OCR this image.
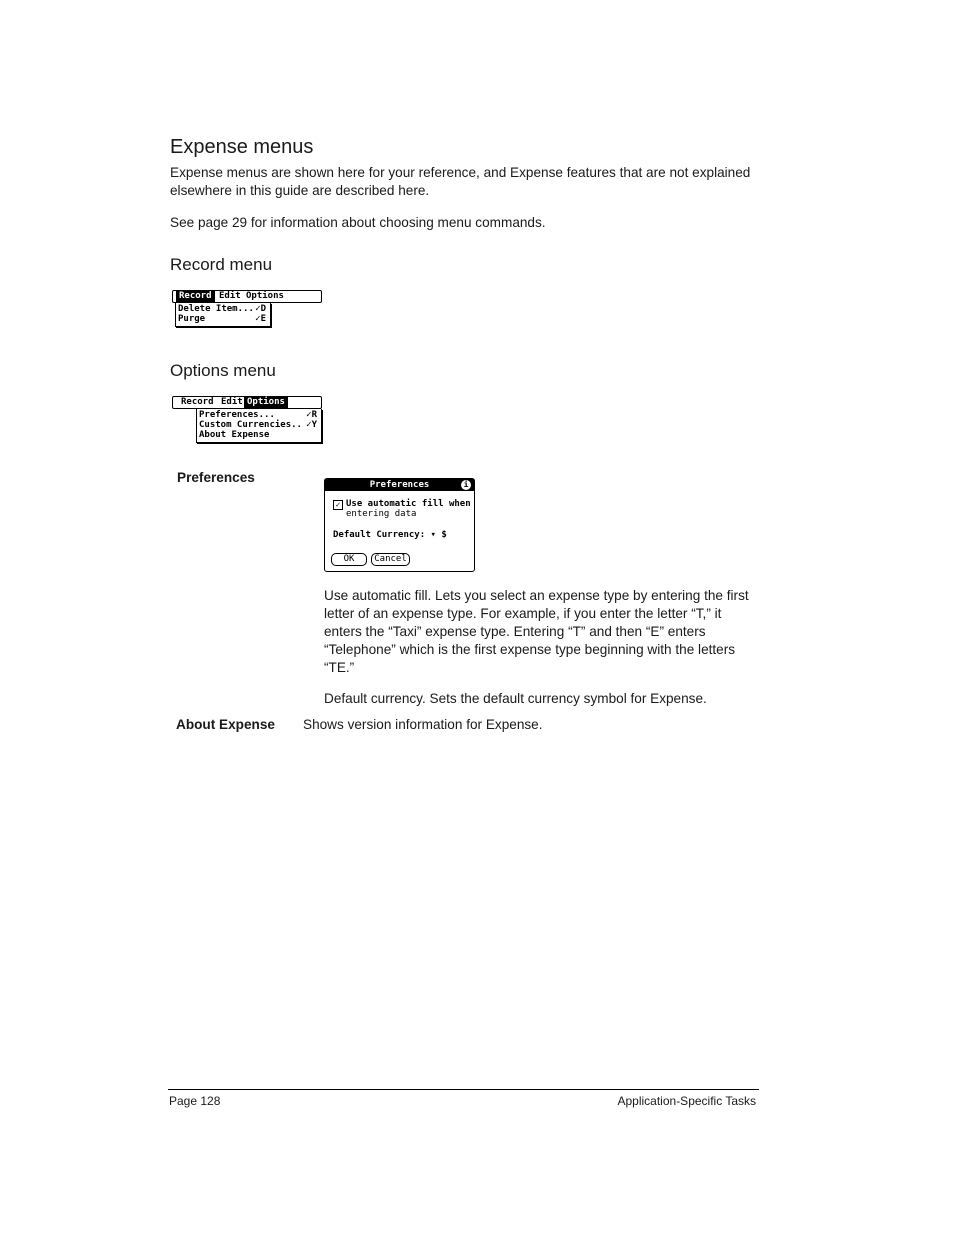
Expense menus
Expense menus are shown here for your reference, and Expense features that are not explained elsewhere in this guide are described here.
See page 29 for information about choosing menu commands.
Record menu
Record Edit Options
Delete Item... ✓D
Purge	✓E
Options menu
Record Edit Options
Preferences...	✓R
Custom Currencies.. ✓Y
About Expense
Preferences	Preferences	i
✓ Use automatic fill when
entering data
Default Currency: ▾ $
OK	Cancel
Use automatic fill. Lets you select an expense type by entering the first letter of an expense type. For example, if you enter the letter “T,” it enters the “Taxi” expense type. Entering “T” and then “E” enters “Telephone” which is the first expense type beginning with the letters “TE.”
Default currency. Sets the default currency symbol for Expense.
About Expense Shows version information for Expense.
Page 128	Application-Specific Tasks
